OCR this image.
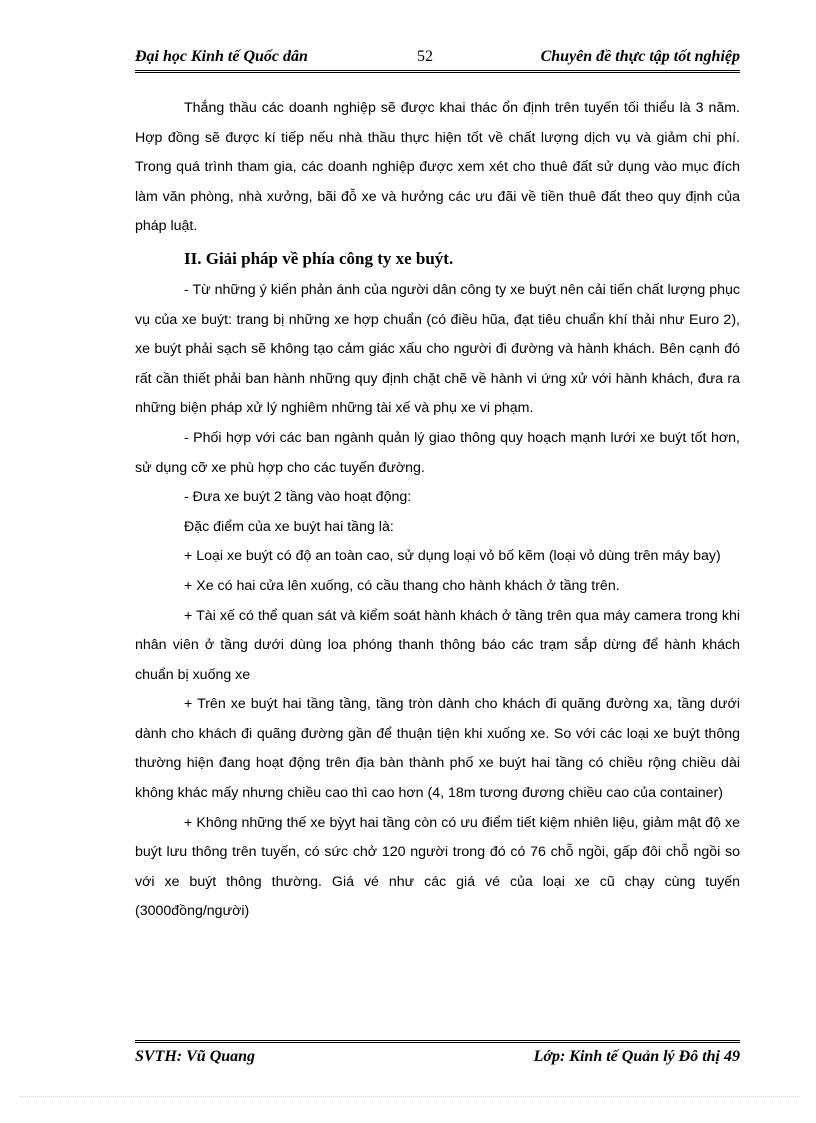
Đại học Kinh tế Quốc dân	52	Chuyên đề thực tập tốt nghiệp

Thắng thầu các doanh nghiệp sẽ được khai thác ổn định trên tuyến tối thiểu là 3 năm. Hợp đồng sẽ được kí tiếp nếu nhà thầu thực hiện tốt về chất lượng dịch vụ và giảm chi phí. Trong quá trình tham gia, các doanh nghiệp được xem xét cho thuê đất sử dụng vào mục đích làm văn phòng, nhà xưởng, bãi đỗ xe và hưởng các ưu đãi về tiền thuê đất theo quy định của pháp luật.

II. Giải pháp về phía công ty xe buýt.

- Từ những ý kiến phản ánh của người dân công ty xe buýt nên cải tiến chất lượng phục vụ của xe buýt: trang bị những xe hợp chuẩn (có điều hũa, đạt tiêu chuẩn khí thải như Euro 2), xe buýt phải sạch sẽ không tạo cảm giác xấu cho người đi đường và hành khách. Bên cạnh đó rất cần thiết phải ban hành những quy định chặt chẽ về hành vi ứng xử với hành khách, đưa ra những biện pháp xử lý nghiêm những tài xế và phụ xe vi phạm.

- Phối hợp với các ban ngành quản lý giao thông quy hoạch mạnh lưới xe buýt tốt hơn, sử dụng cỡ xe phù hợp cho các tuyến đường.

- Đưa xe buýt 2 tầng vào hoạt động:

Đặc điểm của xe buýt hai tầng là:

+ Loại xe buýt có độ an toàn cao, sử dụng loại vỏ bố kẽm (loại vỏ dùng trên máy bay)

+ Xe có hai cửa lên xuống, có cầu thang cho hành khách ở tầng trên.

+ Tài xế có thể quan sát và kiểm soát hành khách ở tầng trên qua máy camera trong khi nhân viên ở tầng dưới dùng loa phóng thanh thông báo các trạm sắp dừng để hành khách chuẩn bị xuống xe

+ Trên xe buýt hai tầng tầng, tầng tròn dành cho khách đi quãng đường xa, tầng dưới dành cho khách đi quãng đường gần để thuận tiện khi xuống xe. So với các loại xe buýt thông thường hiện đang hoạt động trên địa bàn thành phố xe buýt hai tầng có chiều rộng chiều dài không khác mấy nhưng chiều cao thì cao hơn (4, 18m tương đương chiều cao của container)

+ Không những thế xe bỳyt hai tầng còn có ưu điểm tiết kiệm nhiên liệu, giảm mật độ xe buýt lưu thông trên tuyến, có sức chở 120 người trong đó có 76 chỗ ngồi, gấp đôi chỗ ngồi so với xe buýt thông thường. Giá vé như các giá vé của loại xe cũ chạy cùng tuyến (3000đồng/người)

SVTH: Vũ Quang	Lớp: Kinh tế Quản lý Đô thị 49
